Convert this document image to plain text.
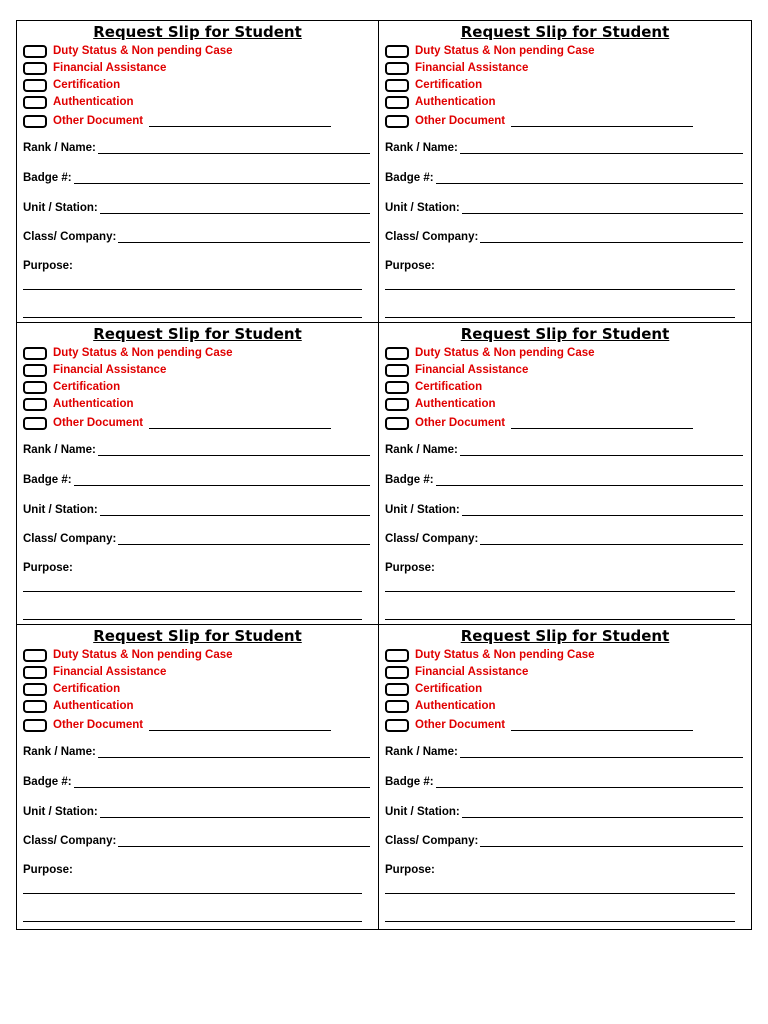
Request Slip for Student
Duty Status & Non pending Case
Financial Assistance
Certification
Authentication
Other Document
Rank / Name:
Badge #:
Unit / Station:
Class/ Company:
Purpose:
Request Slip for Student
Duty Status & Non pending Case
Financial Assistance
Certification
Authentication
Other Document
Rank / Name:
Badge #:
Unit / Station:
Class/ Company:
Purpose:
Request Slip for Student
Duty Status & Non pending Case
Financial Assistance
Certification
Authentication
Other Document
Rank / Name:
Badge #:
Unit / Station:
Class/ Company:
Purpose:
Request Slip for Student
Duty Status & Non pending Case
Financial Assistance
Certification
Authentication
Other Document
Rank / Name:
Badge #:
Unit / Station:
Class/ Company:
Purpose:
Request Slip for Student
Duty Status & Non pending Case
Financial Assistance
Certification
Authentication
Other Document
Rank / Name:
Badge #:
Unit / Station:
Class/ Company:
Purpose:
Request Slip for Student
Duty Status & Non pending Case
Financial Assistance
Certification
Authentication
Other Document
Rank / Name:
Badge #:
Unit / Station:
Class/ Company:
Purpose:
